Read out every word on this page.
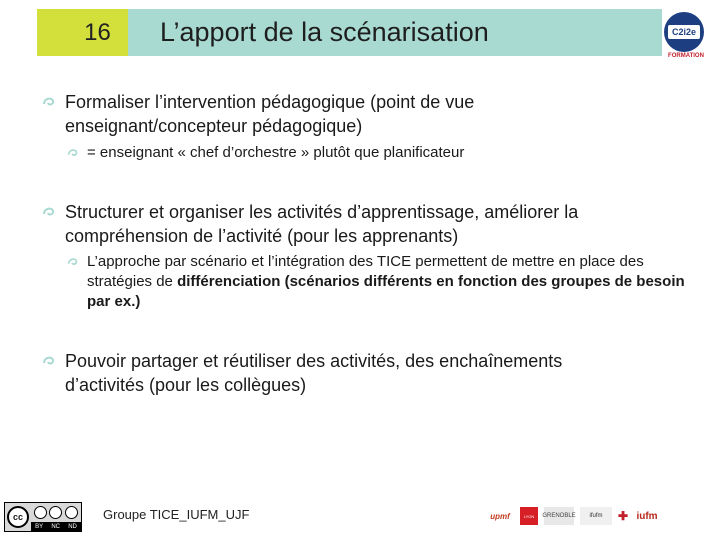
16	L’apport de la scénarisation	C2i2e
FORMATION
Formaliser l’intervention pédagogique (point de vue enseignant/concepteur pédagogique)
= enseignant « chef d’orchestre » plutôt que planificateur
Structurer et organiser les activités d’apprentissage, améliorer la compréhension de l’activité (pour les apprenants)
L’approche par scénario et l’intégration des TICE permettent de mettre en place des stratégies de différenciation (scénarios différents en fonction des groupes de besoin par ex.)
Pouvoir partager et réutiliser des activités, des enchaînements d’activités (pour les collègues)
cc
BY NC ND
Groupe TICE_IUFM_UJF	upmf	LYON GRENOBLE	ifufm	✚ iufm
